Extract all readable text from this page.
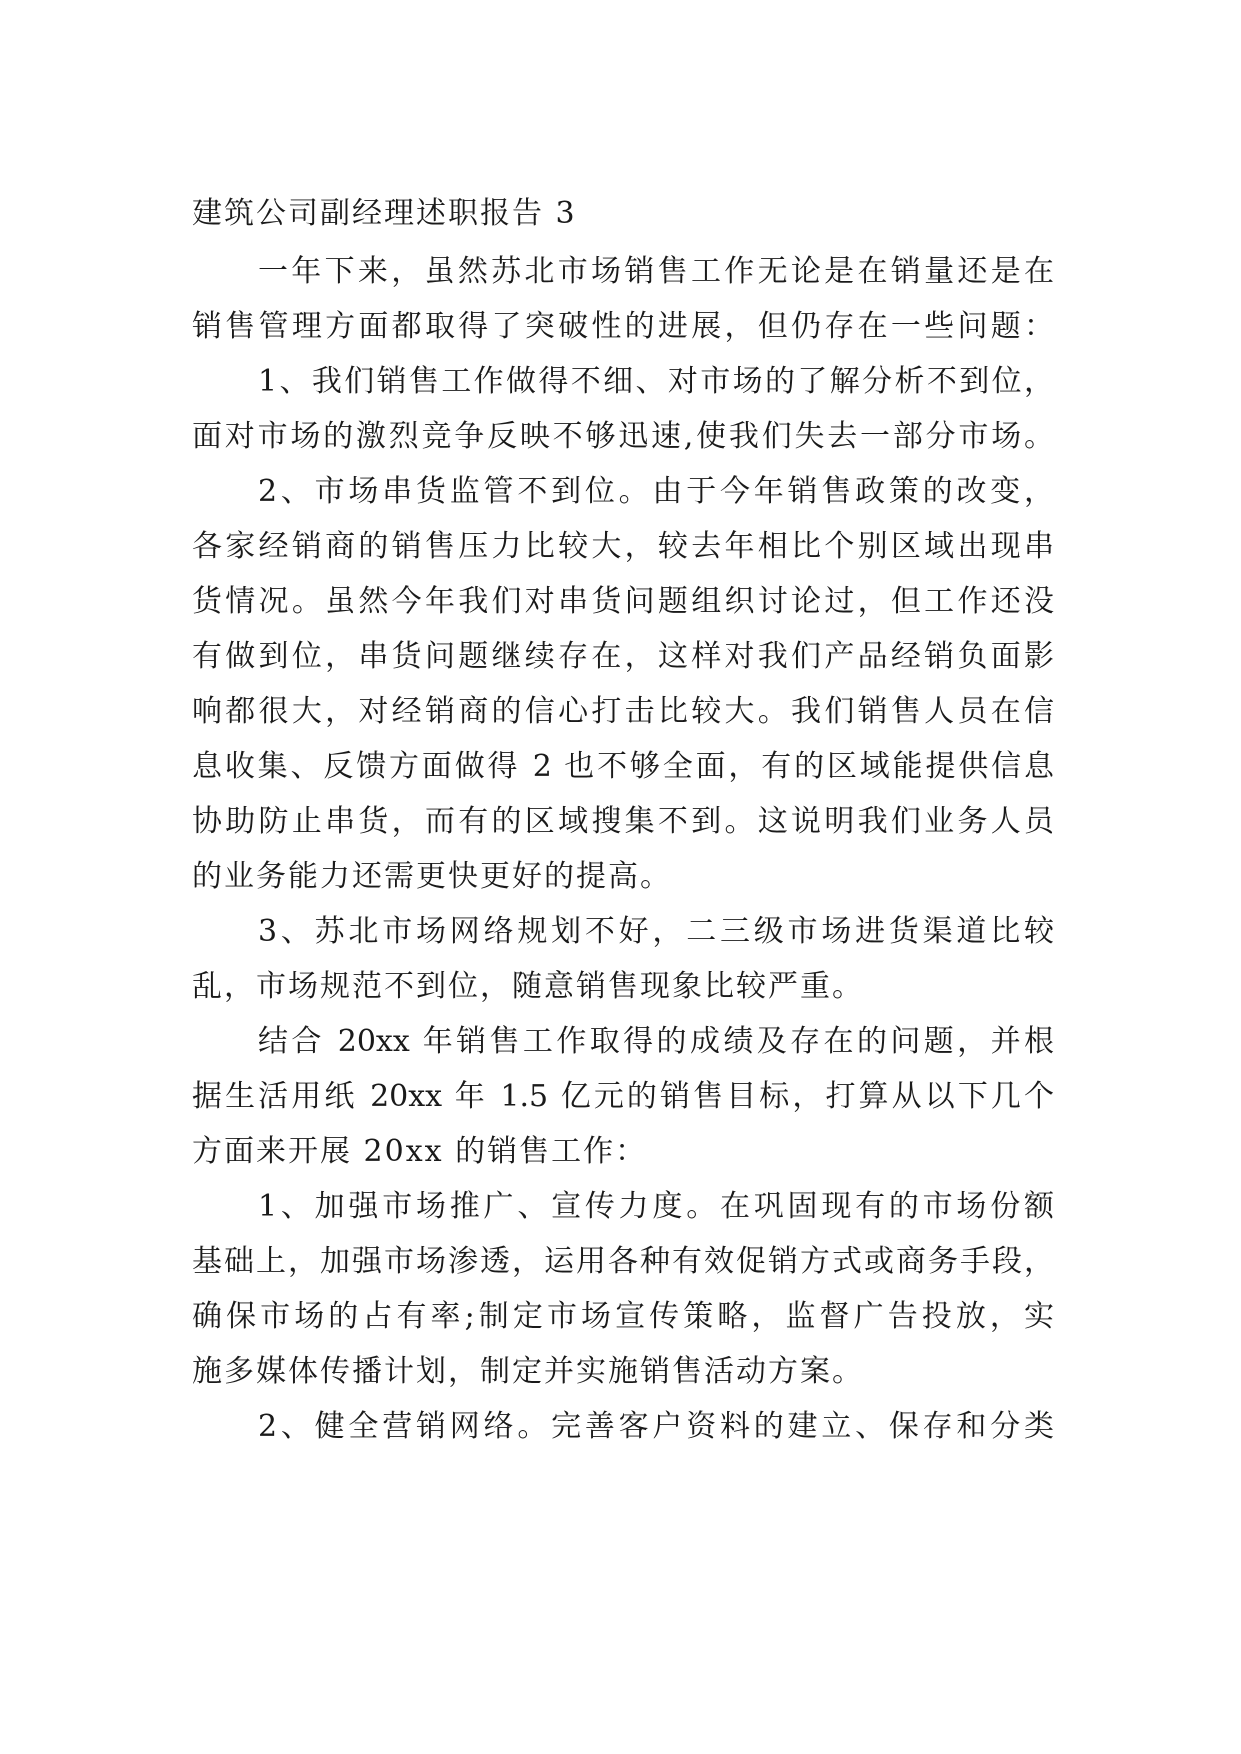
建筑公司副经理述职报告 3
一年下来，虽然苏北市场销售工作无论是在销量还是在
销售管理方面都取得了突破性的进展，但仍存在一些问题：
1、我们销售工作做得不细、对市场的了解分析不到位，
面对市场的激烈竞争反映不够迅速,使我们失去一部分市场。
2、市场串货监管不到位。由于今年销售政策的改变，
各家经销商的销售压力比较大，较去年相比个别区域出现串
货情况。虽然今年我们对串货问题组织讨论过，但工作还没
有做到位，串货问题继续存在，这样对我们产品经销负面影
响都很大，对经销商的信心打击比较大。我们销售人员在信
息收集、反馈方面做得 2 也不够全面，有的区域能提供信息
协助防止串货，而有的区域搜集不到。这说明我们业务人员
的业务能力还需更快更好的提高。
3、苏北市场网络规划不好，二三级市场进货渠道比较
乱，市场规范不到位，随意销售现象比较严重。
结合 20xx 年销售工作取得的成绩及存在的问题，并根
据生活用纸 20xx 年 1.5 亿元的销售目标，打算从以下几个
方面来开展 20xx 的销售工作：
1、加强市场推广、宣传力度。在巩固现有的市场份额
基础上，加强市场渗透，运用各种有效促销方式或商务手段，
确保市场的占有率;制定市场宣传策略，监督广告投放，实
施多媒体传播计划，制定并实施销售活动方案。
2、健全营销网络。完善客户资料的建立、保存和分类
